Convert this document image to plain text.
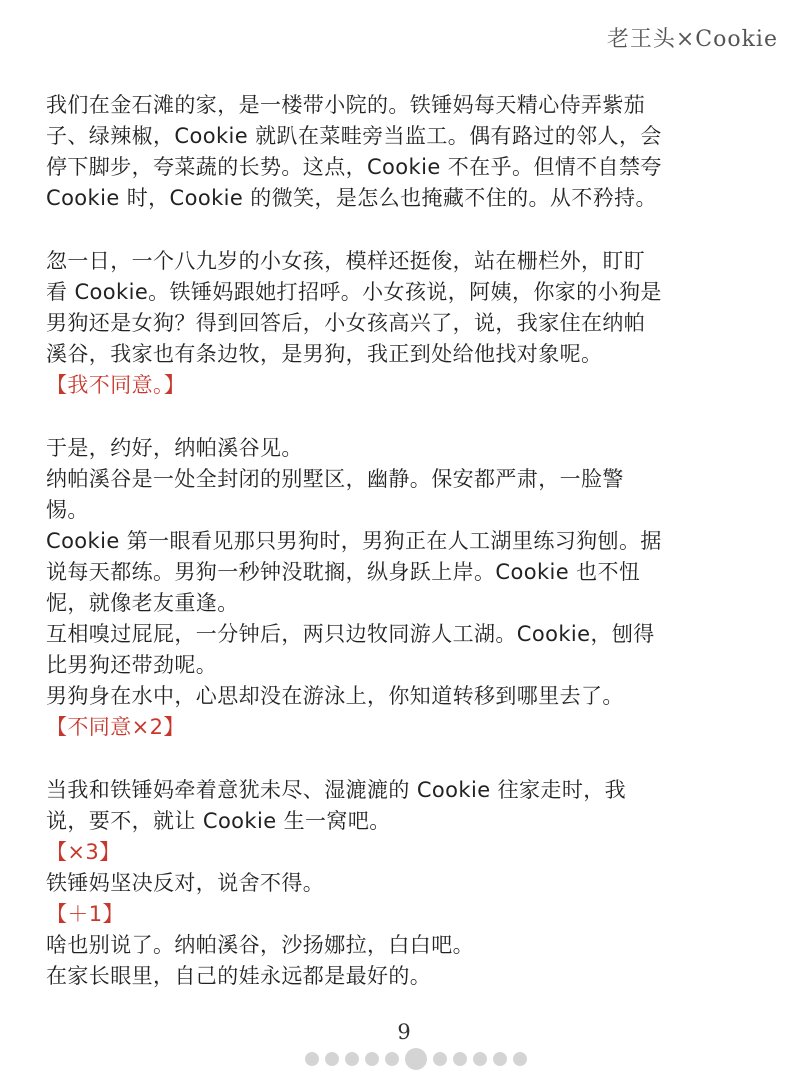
老王头×Cookie
我们在金石滩的家，是一楼带小院的。铁锤妈每天精心侍弄紫茄
子、绿辣椒，Cookie 就趴在菜畦旁当监工。偶有路过的邻人，会
停下脚步，夸菜蔬的长势。这点，Cookie 不在乎。但情不自禁夸
Cookie 时，Cookie 的微笑，是怎么也掩藏不住的。从不矜持。
忽一日，一个八九岁的小女孩，模样还挺俊，站在栅栏外，盯盯
看 Cookie。铁锤妈跟她打招呼。小女孩说，阿姨，你家的小狗是
男狗还是女狗？得到回答后，小女孩高兴了，说，我家住在纳帕
溪谷，我家也有条边牧，是男狗，我正到处给他找对象呢。
【我不同意。】
于是，约好，纳帕溪谷见。
纳帕溪谷是一处全封闭的别墅区，幽静。保安都严肃，一脸警
惕。
Cookie 第一眼看见那只男狗时，男狗正在人工湖里练习狗刨。据
说每天都练。男狗一秒钟没耽搁，纵身跃上岸。Cookie 也不忸
怩，就像老友重逢。
互相嗅过屁屁，一分钟后，两只边牧同游人工湖。Cookie，刨得
比男狗还带劲呢。
男狗身在水中，心思却没在游泳上，你知道转移到哪里去了。
【不同意×2】
当我和铁锤妈牵着意犹未尽、湿漉漉的 Cookie 往家走时，我
说，要不，就让 Cookie 生一窝吧。
【×3】
铁锤妈坚决反对，说舍不得。
【＋1】
啥也别说了。纳帕溪谷，沙扬娜拉，白白吧。
在家长眼里，自己的娃永远都是最好的。
9
